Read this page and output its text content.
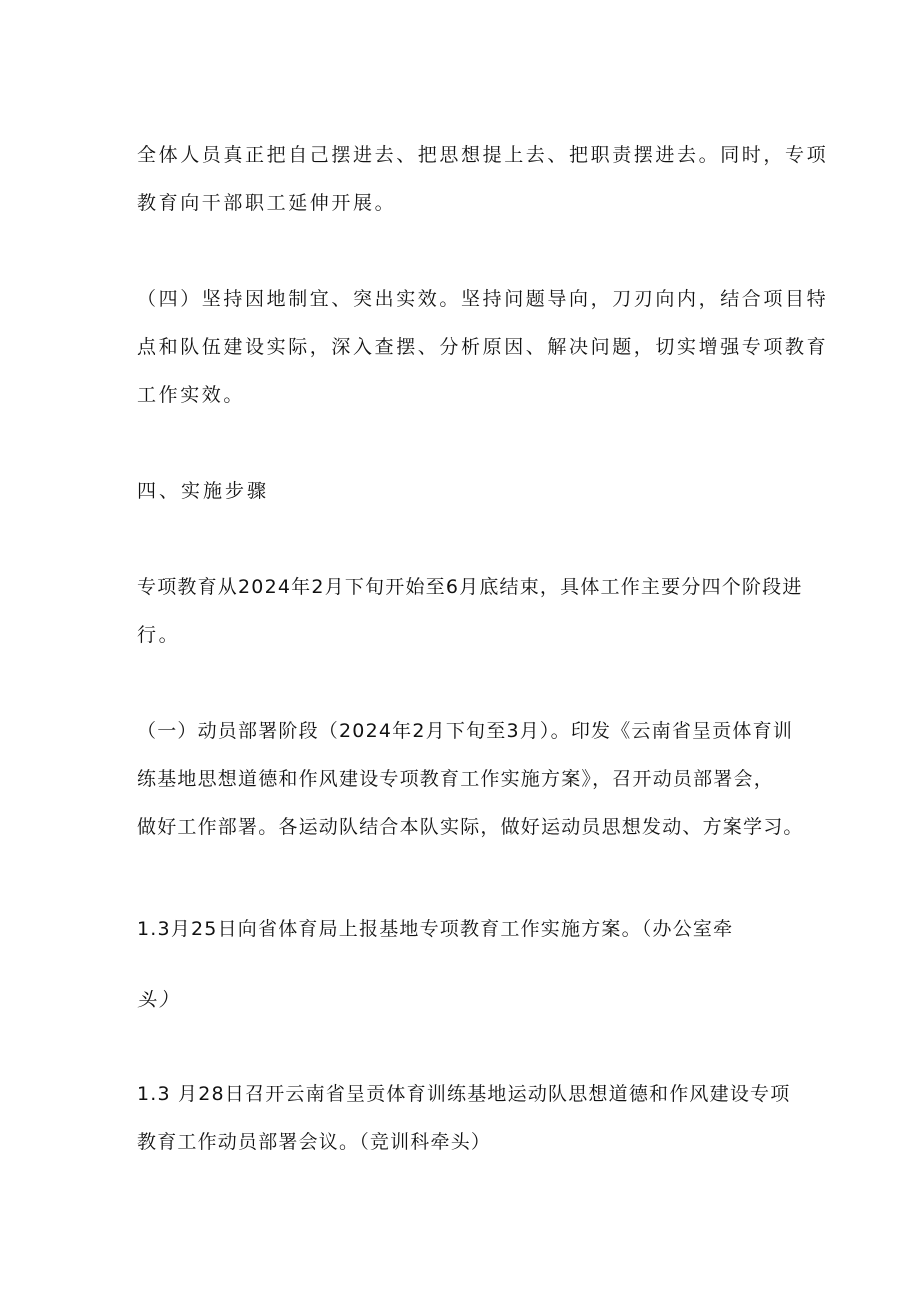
全体人员真正把自己摆进去、把思想提上去、把职责摆进去。同时，专项
教育向干部职工延伸开展。
（四）坚持因地制宜、突出实效。坚持问题导向，刀刃向内，结合项目特
点和队伍建设实际，深入查摆、分析原因、解决问题，切实增强专项教育
工作实效。
四、实施步骤
专项教育从2024年2月下旬开始至6月底结束，具体工作主要分四个阶段进
行。
（一）动员部署阶段（2024年2月下旬至3月）。印发《云南省呈贡体育训
练基地思想道德和作风建设专项教育工作实施方案》，召开动员部署会，
做好工作部署。各运动队结合本队实际，做好运动员思想发动、方案学习。
1.3月25日向省体育局上报基地专项教育工作实施方案。（办公室牵
头）
1.3 月28日召开云南省呈贡体育训练基地运动队思想道德和作风建设专项
教育工作动员部署会议。（竞训科牵头）
